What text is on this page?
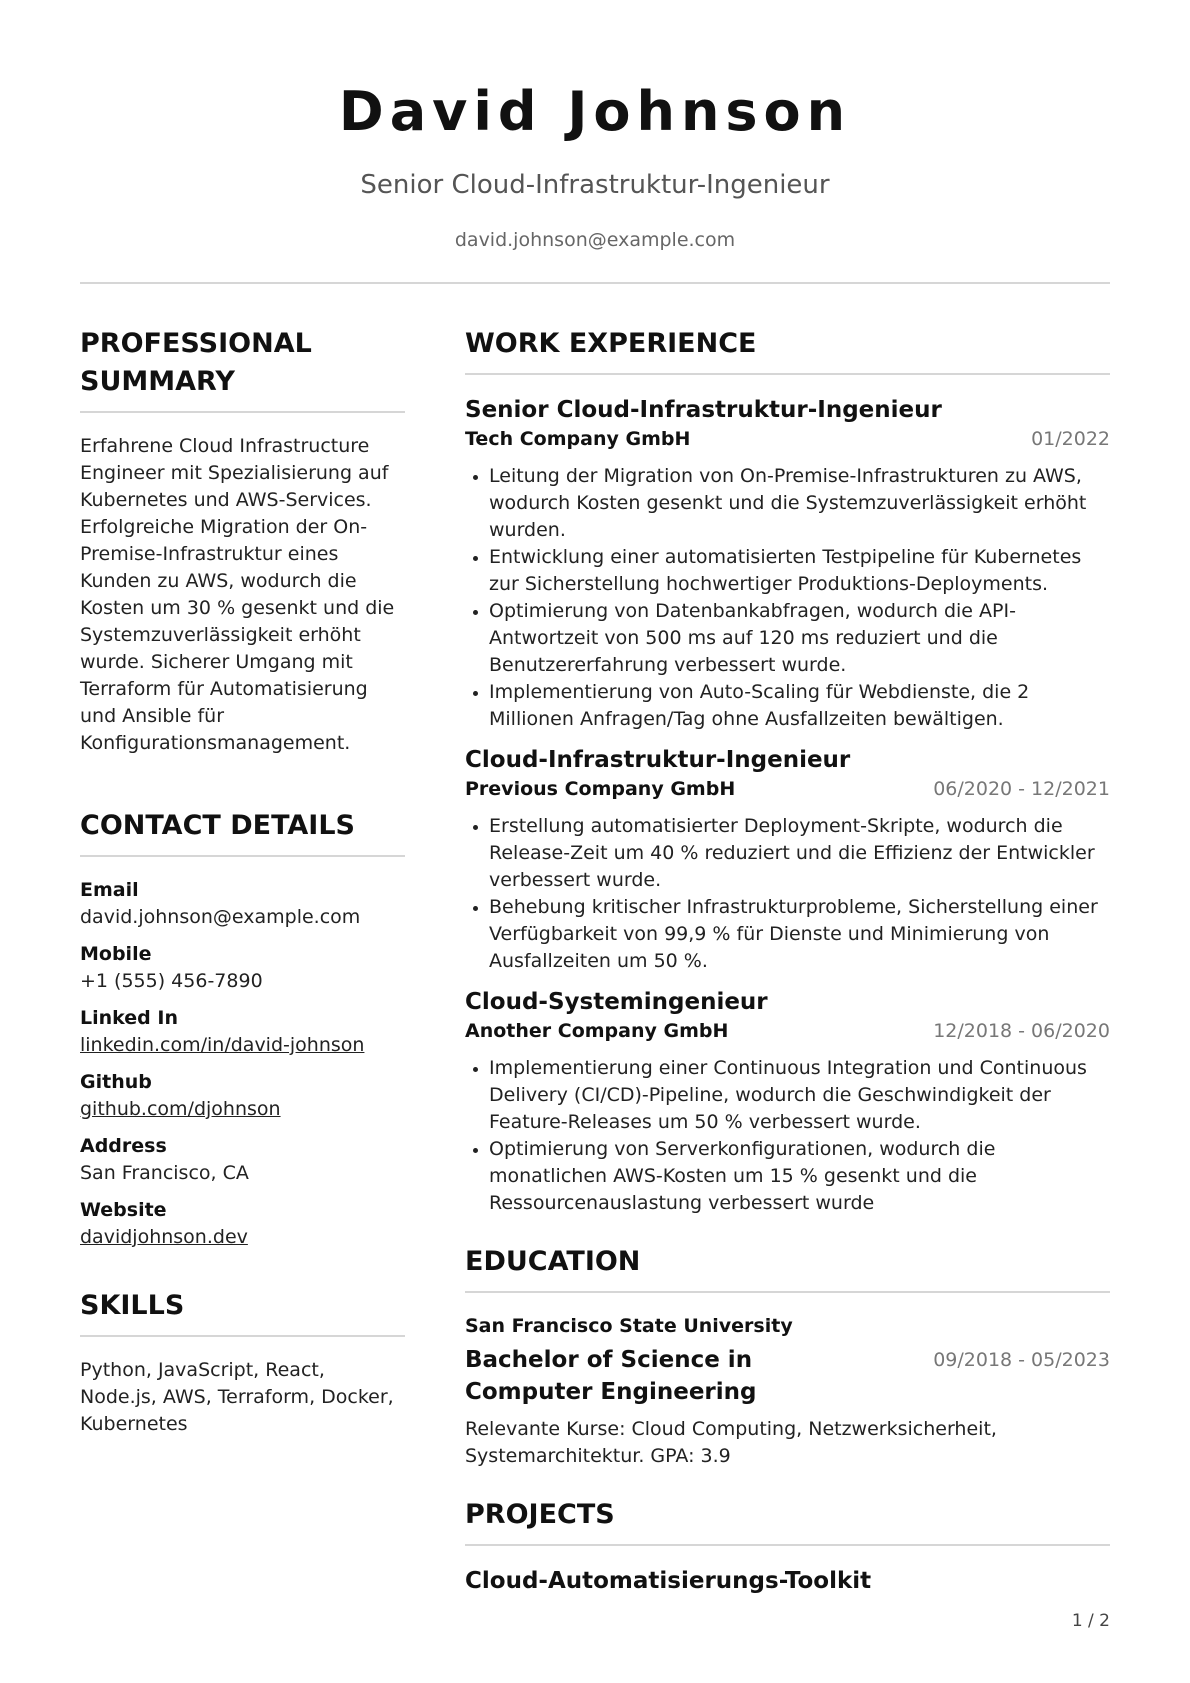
David Johnson
Senior Cloud-Infrastruktur-Ingenieur
david.johnson@example.com
PROFESSIONAL SUMMARY
Erfahrene Cloud Infrastructure Engineer mit Spezialisierung auf Kubernetes und AWS-Services. Erfolgreiche Migration der On-Premise-Infrastruktur eines Kunden zu AWS, wodurch die Kosten um 30 % gesenkt und die Systemzuverlässigkeit erhöht wurde. Sicherer Umgang mit Terraform für Automatisierung und Ansible für Konfigurationsmanagement.
CONTACT DETAILS
Email
david.johnson@example.com
Mobile
+1 (555) 456-7890
Linked In
linkedin.com/in/david-johnson
Github
github.com/djohnson
Address
San Francisco, CA
Website
davidjohnson.dev
SKILLS
Python, JavaScript, React, Node.js, AWS, Terraform, Docker, Kubernetes
WORK EXPERIENCE
Senior Cloud-Infrastruktur-Ingenieur
Tech Company GmbH	01/2022
Leitung der Migration von On-Premise-Infrastrukturen zu AWS, wodurch Kosten gesenkt und die Systemzuverlässigkeit erhöht wurden.
Entwicklung einer automatisierten Testpipeline für Kubernetes zur Sicherstellung hochwertiger Produktions-Deployments.
Optimierung von Datenbankabfragen, wodurch die API-Antwortzeit von 500 ms auf 120 ms reduziert und die Benutzererfahrung verbessert wurde.
Implementierung von Auto-Scaling für Webdienste, die 2 Millionen Anfragen/Tag ohne Ausfallzeiten bewältigen.
Cloud-Infrastruktur-Ingenieur
Previous Company GmbH	06/2020 - 12/2021
Erstellung automatisierter Deployment-Skripte, wodurch die Release-Zeit um 40 % reduziert und die Effizienz der Entwickler verbessert wurde.
Behebung kritischer Infrastrukturprobleme, Sicherstellung einer Verfügbarkeit von 99,9 % für Dienste und Minimierung von Ausfallzeiten um 50 %.
Cloud-Systemingenieur
Another Company GmbH	12/2018 - 06/2020
Implementierung einer Continuous Integration und Continuous Delivery (CI/CD)-Pipeline, wodurch die Geschwindigkeit der Feature-Releases um 50 % verbessert wurde.
Optimierung von Serverkonfigurationen, wodurch die monatlichen AWS-Kosten um 15 % gesenkt und die Ressourcenauslastung verbessert wurde
EDUCATION
San Francisco State University
Bachelor of Science in Computer Engineering
09/2018 - 05/2023
Relevante Kurse: Cloud Computing, Netzwerksicherheit, Systemarchitektur. GPA: 3.9
PROJECTS
Cloud-Automatisierungs-Toolkit
1 / 2
